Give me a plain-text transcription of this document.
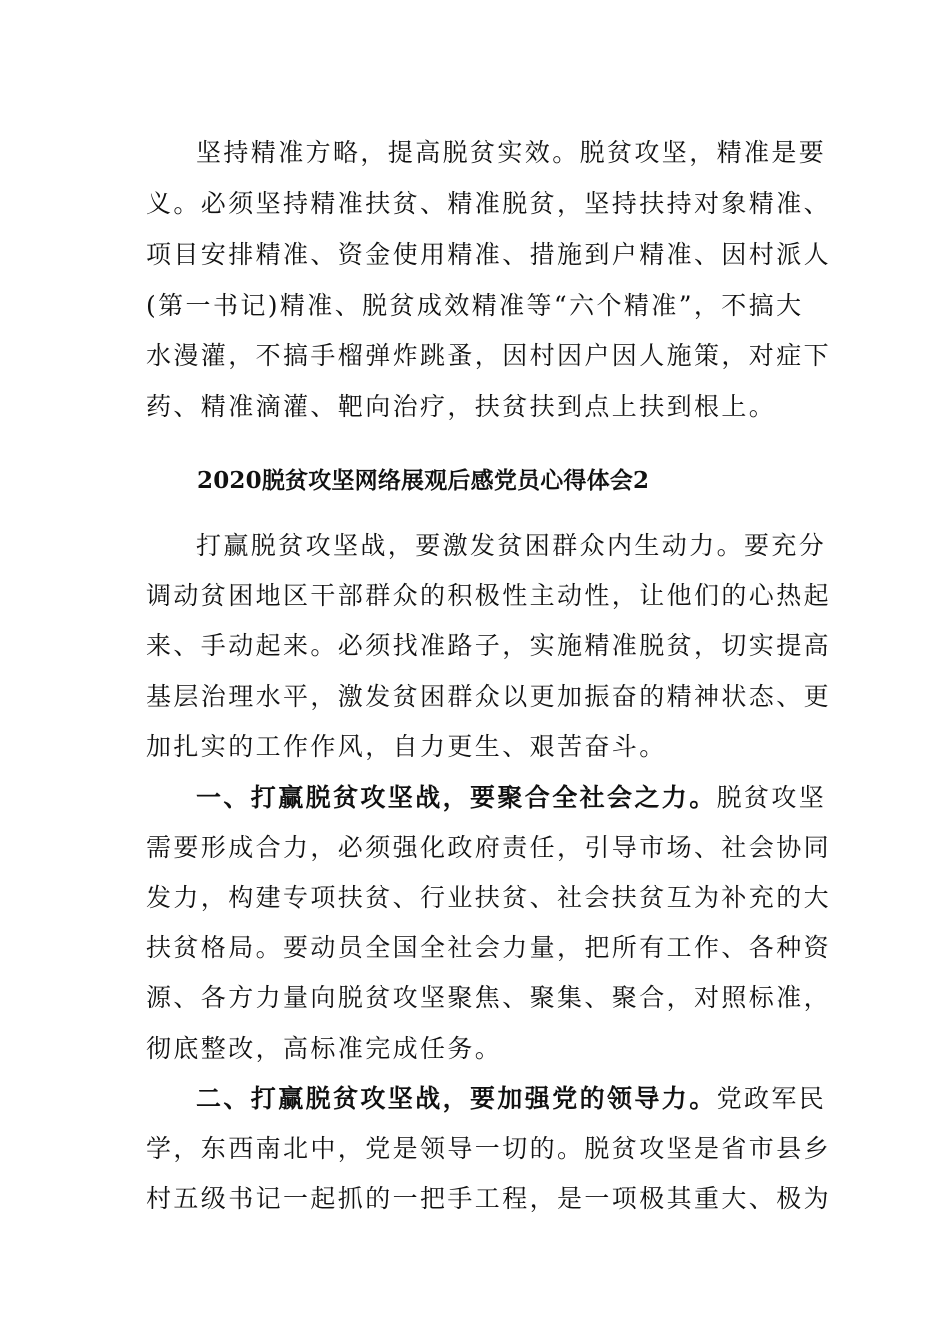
坚持精准方略，提高脱贫实效。脱贫攻坚，精准是要
义。必须坚持精准扶贫、精准脱贫，坚持扶持对象精准、
项目安排精准、资金使用精准、措施到户精准、因村派人
(第一书记)精准、脱贫成效精准等“六个精准”，不搞大
水漫灌，不搞手榴弹炸跳蚤，因村因户因人施策，对症下
药、精准滴灌、靶向治疗，扶贫扶到点上扶到根上。
2020脱贫攻坚网络展观后感党员心得体会2
打赢脱贫攻坚战，要激发贫困群众内生动力。要充分
调动贫困地区干部群众的积极性主动性，让他们的心热起
来、手动起来。必须找准路子，实施精准脱贫，切实提高
基层治理水平，激发贫困群众以更加振奋的精神状态、更
加扎实的工作作风，自力更生、艰苦奋斗。
一、打赢脱贫攻坚战，要聚合全社会之力。脱贫攻坚
需要形成合力，必须强化政府责任，引导市场、社会协同
发力，构建专项扶贫、行业扶贫、社会扶贫互为补充的大
扶贫格局。要动员全国全社会力量，把所有工作、各种资
源、各方力量向脱贫攻坚聚焦、聚集、聚合，对照标准，
彻底整改，高标准完成任务。
二、打赢脱贫攻坚战，要加强党的领导力。党政军民
学，东西南北中，党是领导一切的。脱贫攻坚是省市县乡
村五级书记一起抓的一把手工程，是一项极其重大、极为
